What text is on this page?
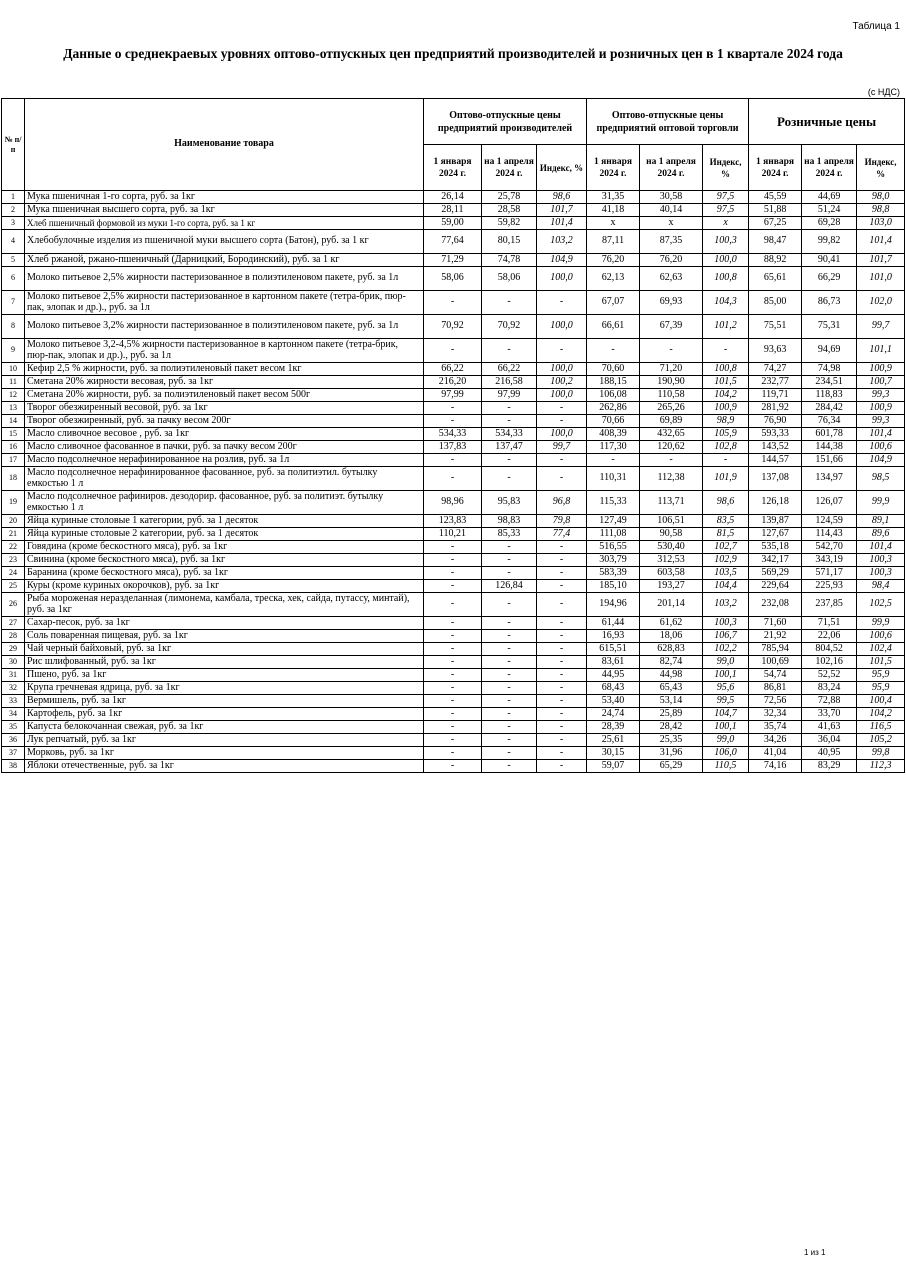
Таблица 1
Данные о среднекраевых уровнях оптово-отпускных цен предприятий производителей и розничных цен в 1 квартале 2024 года
(с НДС)
№ п/п	Наименование товара	Оптово-отпускные цены предприятий производителей			Оптово-отпускные цены предприятий оптовой торговли			Розничные цены		
		1 января 2024 г.	на 1 апреля 2024 г.	Индекс, %	1 января 2024 г.	на 1 апреля 2024 г.	Индекс, %	1 января 2024 г.	на 1 апреля 2024 г.	Индекс, %
1	Мука пшеничная 1-го сорта, руб. за 1кг	26,14	25,78	98,6	31,35	30,58	97,5	45,59	44,69	98,0
2	Мука пшеничная высшего сорта, руб. за 1кг	28,11	28,58	101,7	41,18	40,14	97,5	51,88	51,24	98,8
3	Хлеб пшеничный формовой из муки 1-го сорта, руб. за 1 кг	59,00	59,82	101,4	х	х	х	67,25	69,28	103,0
4	Хлебобулочные изделия из пшеничной муки высшего сорта (Батон), руб. за 1 кг	77,64	80,15	103,2	87,11	87,35	100,3	98,47	99,82	101,4
5	Хлеб ржаной, ржано-пшеничный (Дарницкий, Бородинский), руб. за 1 кг	71,29	74,78	104,9	76,20	76,20	100,0	88,92	90,41	101,7
6	Молоко питьевое 2,5% жирности пастеризованное в полиэтиленовом пакете, руб. за 1л	58,06	58,06	100,0	62,13	62,63	100,8	65,61	66,29	101,0
7	Молоко питьевое 2,5% жирности пастеризованное в картонном пакете (тетра-брик, пюр-пак, элопак и др.)., руб. за 1л	-	-	-	67,07	69,93	104,3	85,00	86,73	102,0
8	Молоко питьевое 3,2% жирности пастеризованное в полиэтиленовом пакете, руб. за 1л	70,92	70,92	100,0	66,61	67,39	101,2	75,51	75,31	99,7
9	Молоко питьевое 3,2-4,5% жирности пастеризованное в картонном пакете (тетра-брик, пюр-пак, элопак и др.)., руб. за 1л	-	-	-	-	-	-	93,63	94,69	101,1
10	Кефир 2,5 % жирности, руб. за полиэтиленовый пакет весом 1кг	66,22	66,22	100,0	70,60	71,20	100,8	74,27	74,98	100,9
11	Сметана 20% жирности весовая, руб. за 1кг	216,20	216,58	100,2	188,15	190,90	101,5	232,77	234,51	100,7
12	Сметана 20% жирности, руб. за полиэтиленовый пакет весом 500г	97,99	97,99	100,0	106,08	110,58	104,2	119,71	118,83	99,3
13	Творог обезжиренный весовой, руб. за 1кг	-	-	-	262,86	265,26	100,9	281,92	284,42	100,9
14	Творог обезжиренный, руб. за пачку весом 200г	-	-	-	70,66	69,89	98,9	76,90	76,34	99,3
15	Масло сливочное весовое , руб. за 1кг	534,33	534,33	100,0	408,39	432,65	105,9	593,33	601,78	101,4
16	Масло сливочное фасованное в пачки, руб. за пачку весом 200г	137,83	137,47	99,7	117,30	120,62	102,8	143,52	144,38	100,6
17	Масло подсолнечное нерафинированное на розлив, руб. за 1л	-	-	-	-	-	-	144,57	151,66	104,9
18	Масло подсолнечное нерафинированное фасованное, руб. за политиэтил. бутылку емкостью 1 л	-	-	-	110,31	112,38	101,9	137,08	134,97	98,5
19	Масло подсолнечное рафиниров. дезодорир. фасованное, руб. за политиэт. бутылку емкостью 1 л	98,96	95,83	96,8	115,33	113,71	98,6	126,18	126,07	99,9
20	Яйца куриные столовые 1 категории, руб. за 1 десяток	123,83	98,83	79,8	127,49	106,51	83,5	139,87	124,59	89,1
21	Яйца куриные столовые 2 категории, руб. за 1 десяток	110,21	85,33	77,4	111,08	90,58	81,5	127,67	114,43	89,6
22	Говядина (кроме бескостного мяса), руб. за 1кг	-	-	-	516,55	530,40	102,7	535,18	542,70	101,4
23	Свинина (кроме бескостного мяса), руб. за 1кг	-	-	-	303,79	312,53	102,9	342,17	343,19	100,3
24	Баранина (кроме бескостного мяса), руб. за 1кг	-	-	-	583,39	603,58	103,5	569,29	571,17	100,3
25	Куры (кроме куриных окорочков), руб. за 1кг	-	126,84	-	185,10	193,27	104,4	229,64	225,93	98,4
26	Рыба мороженая неразделанная (лимонема, камбала, треска, хек, сайда, путассу, минтай), руб. за 1кг	-	-	-	194,96	201,14	103,2	232,08	237,85	102,5
27	Сахар-песок, руб. за 1кг	-	-	-	61,44	61,62	100,3	71,60	71,51	99,9
28	Соль поваренная пищевая, руб. за 1кг	-	-	-	16,93	18,06	106,7	21,92	22,06	100,6
29	Чай черный байховый, руб. за 1кг	-	-	-	615,51	628,83	102,2	785,94	804,52	102,4
30	Рис шлифованный, руб. за 1кг	-	-	-	83,61	82,74	99,0	100,69	102,16	101,5
31	Пшено, руб. за 1кг	-	-	-	44,95	44,98	100,1	54,74	52,52	95,9
32	Крупа гречневая ядрица, руб. за 1кг	-	-	-	68,43	65,43	95,6	86,81	83,24	95,9
33	Вермишель, руб. за 1кг	-	-	-	53,40	53,14	99,5	72,56	72,88	100,4
34	Картофель, руб. за 1кг	-	-	-	24,74	25,89	104,7	32,34	33,70	104,2
35	Капуста белокочанная свежая, руб. за 1кг	-	-	-	28,39	28,42	100,1	35,74	41,63	116,5
36	Лук репчатый, руб. за 1кг	-	-	-	25,61	25,35	99,0	34,26	36,04	105,2
37	Морковь, руб. за 1кг	-	-	-	30,15	31,96	106,0	41,04	40,95	99,8
38	Яблоки отечественные, руб. за 1кг	-	-	-	59,07	65,29	110,5	74,16	83,29	112,3
1 из 1
